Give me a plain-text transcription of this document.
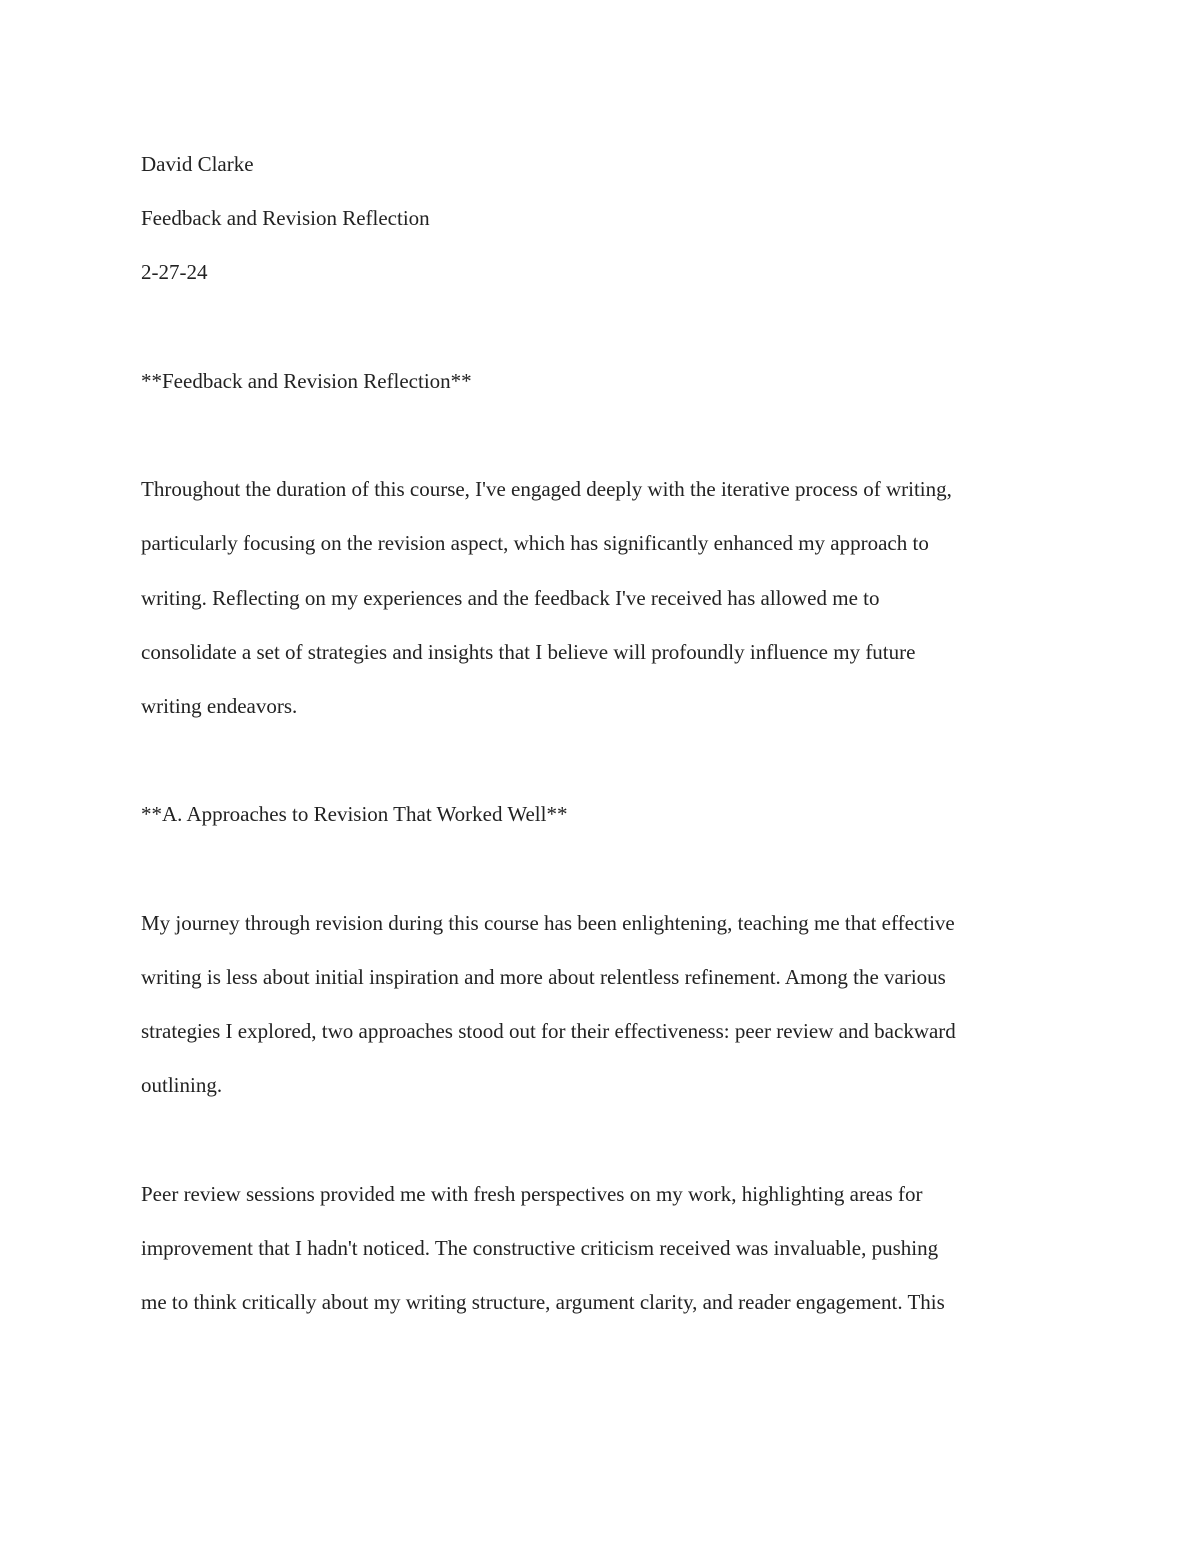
David Clarke
Feedback and Revision Reflection
2-27-24
**Feedback and Revision Reflection**
Throughout the duration of this course, I've engaged deeply with the iterative process of writing,
particularly focusing on the revision aspect, which has significantly enhanced my approach to
writing. Reflecting on my experiences and the feedback I've received has allowed me to
consolidate a set of strategies and insights that I believe will profoundly influence my future
writing endeavors.
**A. Approaches to Revision That Worked Well**
My journey through revision during this course has been enlightening, teaching me that effective
writing is less about initial inspiration and more about relentless refinement. Among the various
strategies I explored, two approaches stood out for their effectiveness: peer review and backward
outlining.
Peer review sessions provided me with fresh perspectives on my work, highlighting areas for
improvement that I hadn't noticed. The constructive criticism received was invaluable, pushing
me to think critically about my writing structure, argument clarity, and reader engagement. This
